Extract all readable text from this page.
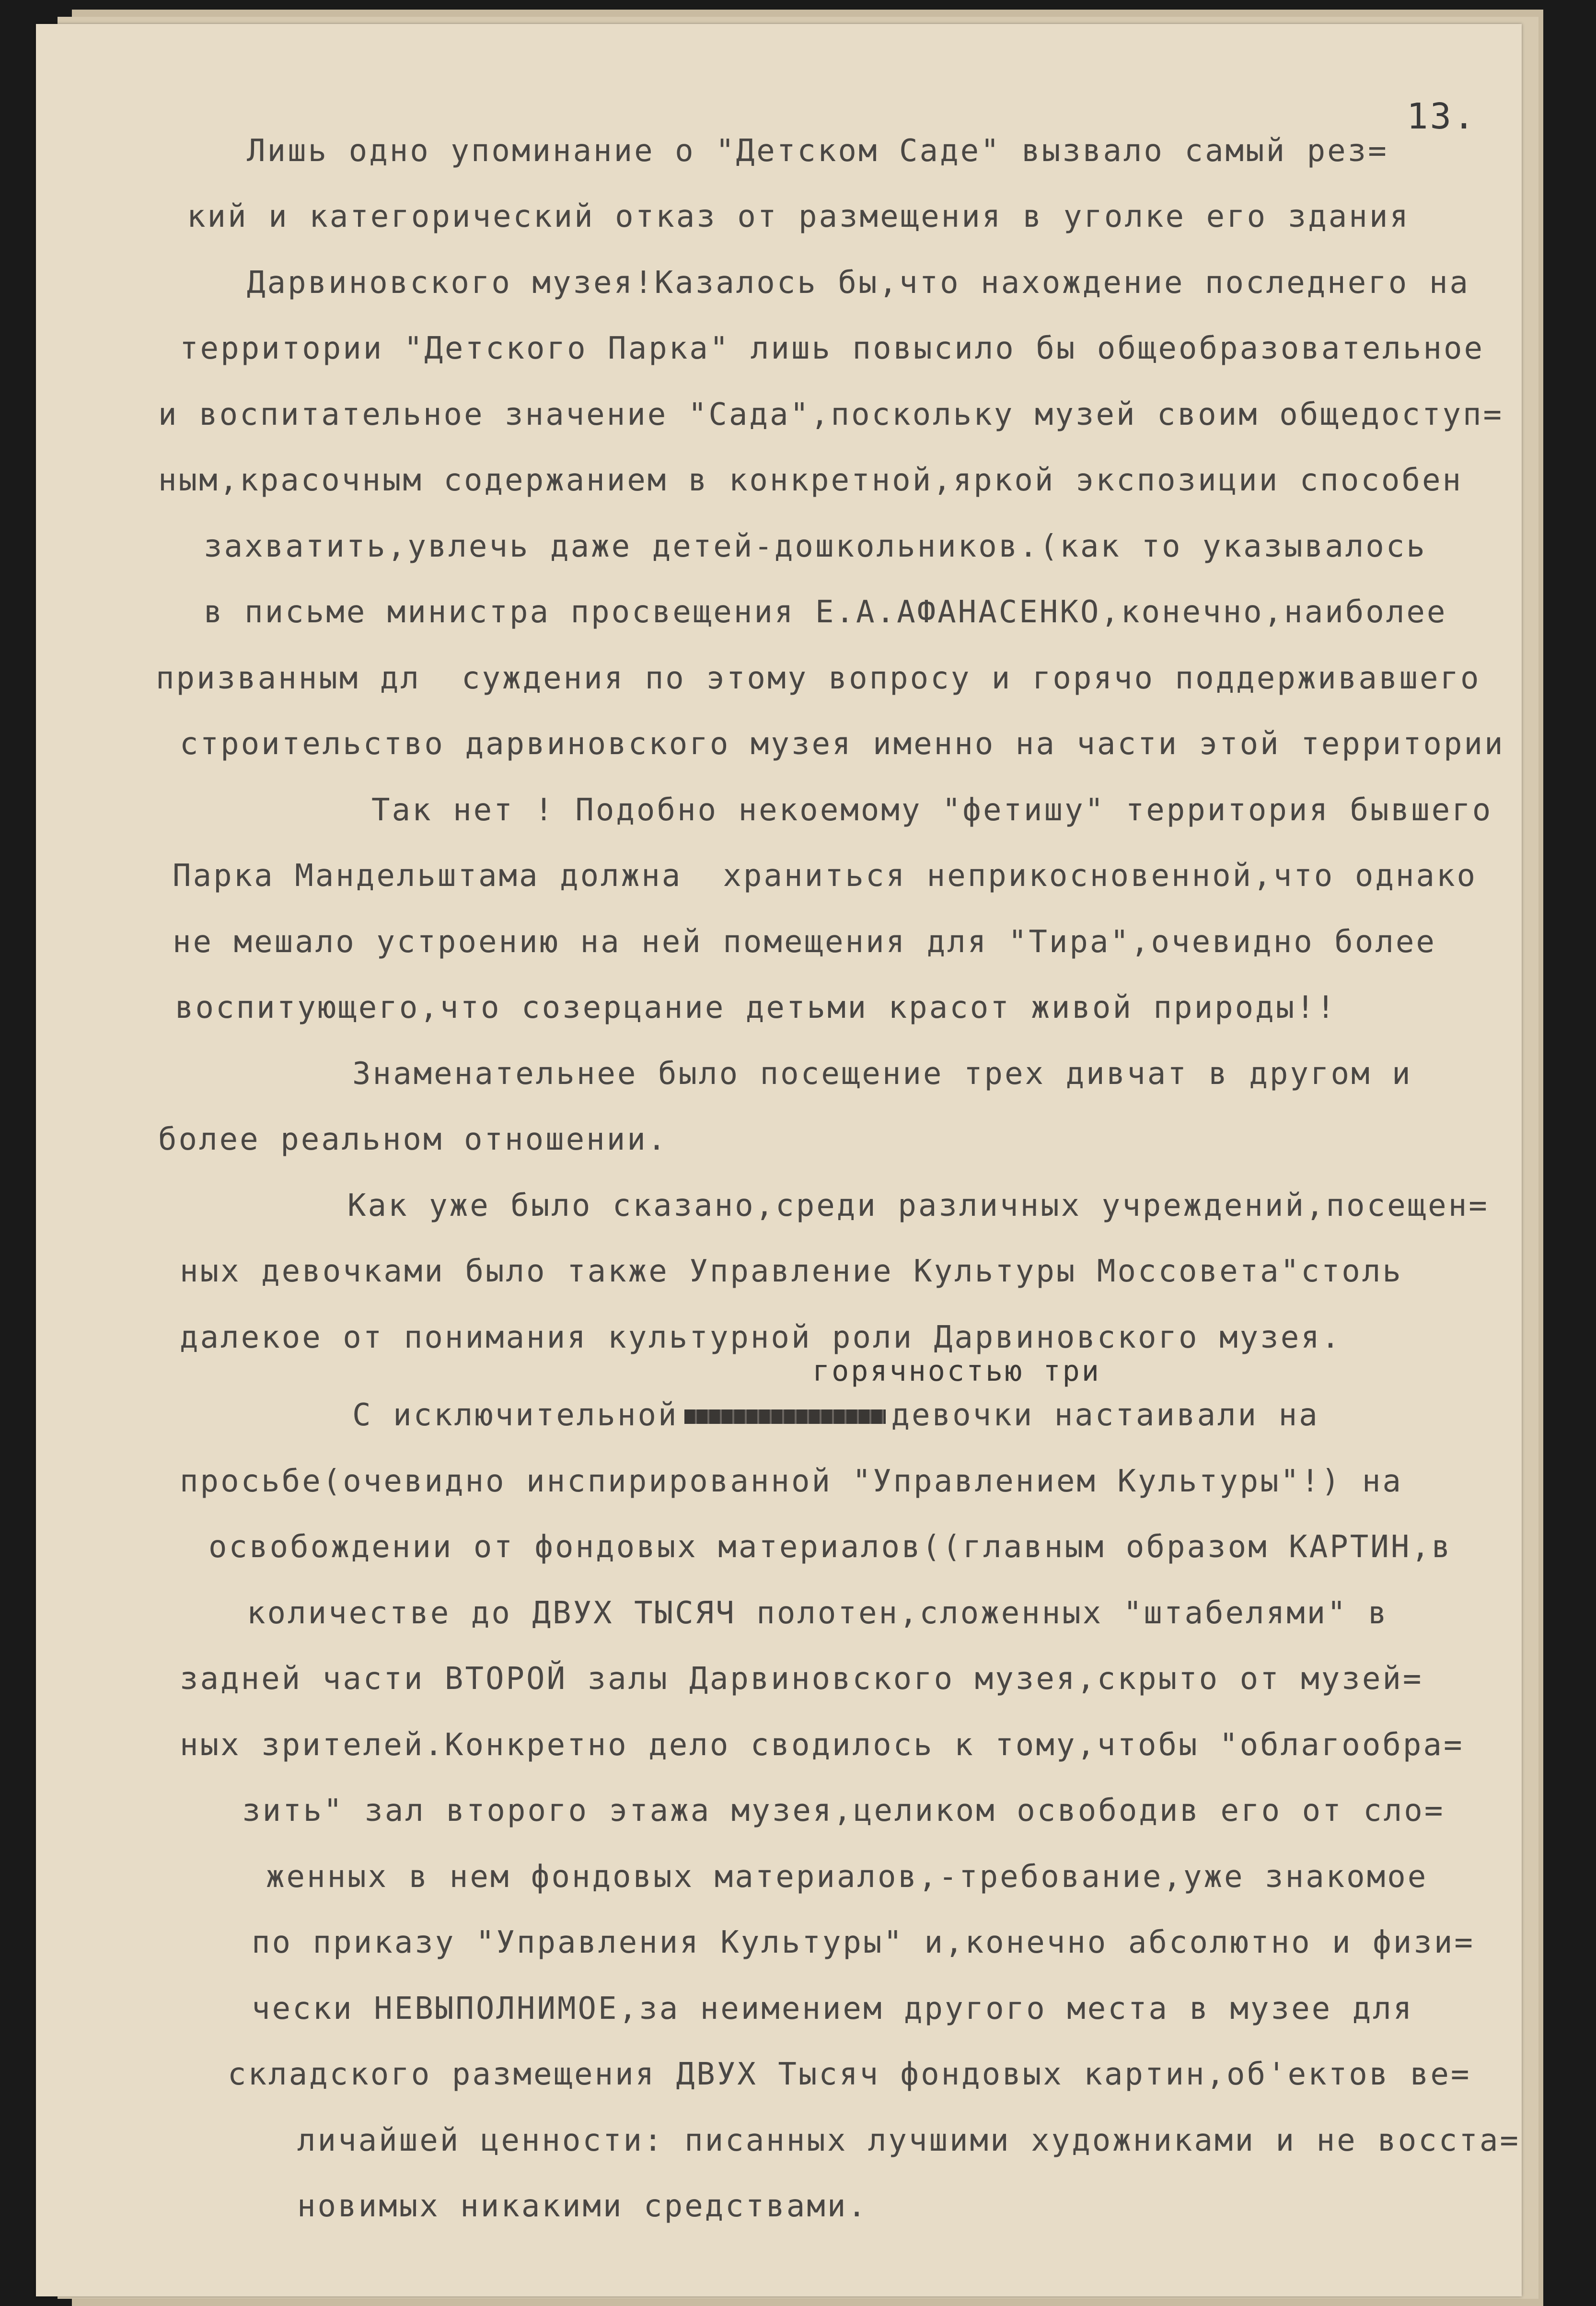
13.
Лишь одно упоминание о "Детском Саде" вызвало самый рез=
кий и категорический отказ от размещения в уголке его здания
Дарвиновского музея!Казалось бы,что нахождение последнего на
территории "Детского Парка" лишь повысило бы общеобразовательное
и воспитательное значение "Сада",поскольку музей своим общедоступ=
ным,красочным содержанием в конкретной,яркой экспозиции способен
захватить,увлечь даже детей-дошкольников.(как то указывалось
в письме министра просвещения Е.А.АФАНАСЕНКО,конечно,наиболее
призванным дл  суждения по этому вопросу и горячо поддерживавшего
строительство дарвиновского музея именно на части этой территории
Так нет ! Подобно некоемому "фетишу" территория бывшего
Парка Мандельштама должна  храниться неприкосновенной,что однако
не мешало устроению на ней помещения для "Тира",очевидно более
воспитующего,что созерцание детьми красот живой природы!!
Знаменательнее было посещение трех дивчат в другом и
более реальном отношении.
Как уже было сказано,среди различных учреждений,посещен=
ных девочками было также Управление Культуры Моссовета"столь
далекое от понимания культурной роли Дарвиновского музея.
горячностью три
С исключительной	девочки настаивали на
просьбе(очевидно инспирированной "Управлением Культуры"!) на
освобождении от фондовых материалов((главным образом КАРТИН,в
количестве до ДВУХ ТЫСЯЧ полотен,сложенных "штабелями" в
задней части ВТОРОЙ залы Дарвиновского музея,скрыто от музей=
ных зрителей.Конкретно дело сводилось к тому,чтобы "облагообра=
зить" зал второго этажа музея,целиком освободив его от сло=
женных в нем фондовых материалов,-требование,уже знакомое
по приказу "Управления Культуры" и,конечно абсолютно и физи=
чески НЕВЫПОЛНИМОЕ,за неимением другого места в музее для
складского размещения ДВУХ Тысяч фондовых картин,об'ектов ве=
личайшей ценности: писанных лучшими художниками и не восста=
новимых никакими средствами.
